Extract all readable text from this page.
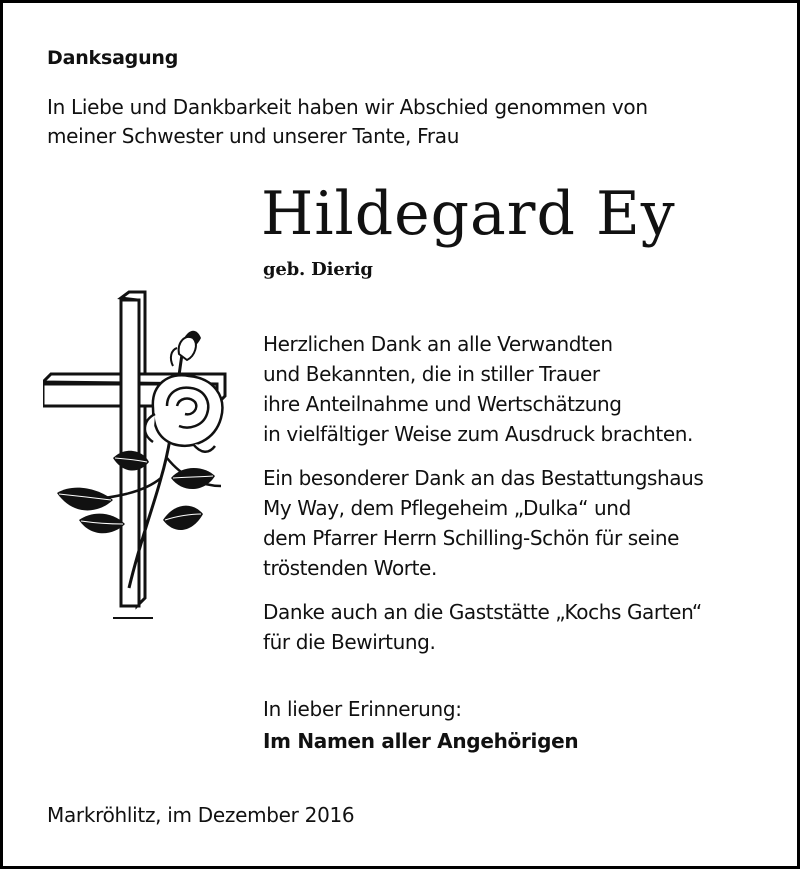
Danksagung
In Liebe und Dankbarkeit haben wir Abschied genommen von
meiner Schwester und unserer Tante, Frau
Hildegard Ey
geb. Dierig
Herzlichen Dank an alle Verwandten
und Bekannten, die in stiller Trauer
ihre Anteilnahme und Wertschätzung
in vielfältiger Weise zum Ausdruck brachten.
Ein besonderer Dank an das Bestattungshaus
My Way, dem Pflegeheim „Dulka“ und
dem Pfarrer Herrn Schilling-Schön für seine
tröstenden Worte.
Danke auch an die Gaststätte „Kochs Garten“
für die Bewirtung.
In lieber Erinnerung:
Im Namen aller Angehörigen
Markröhlitz, im Dezember 2016
